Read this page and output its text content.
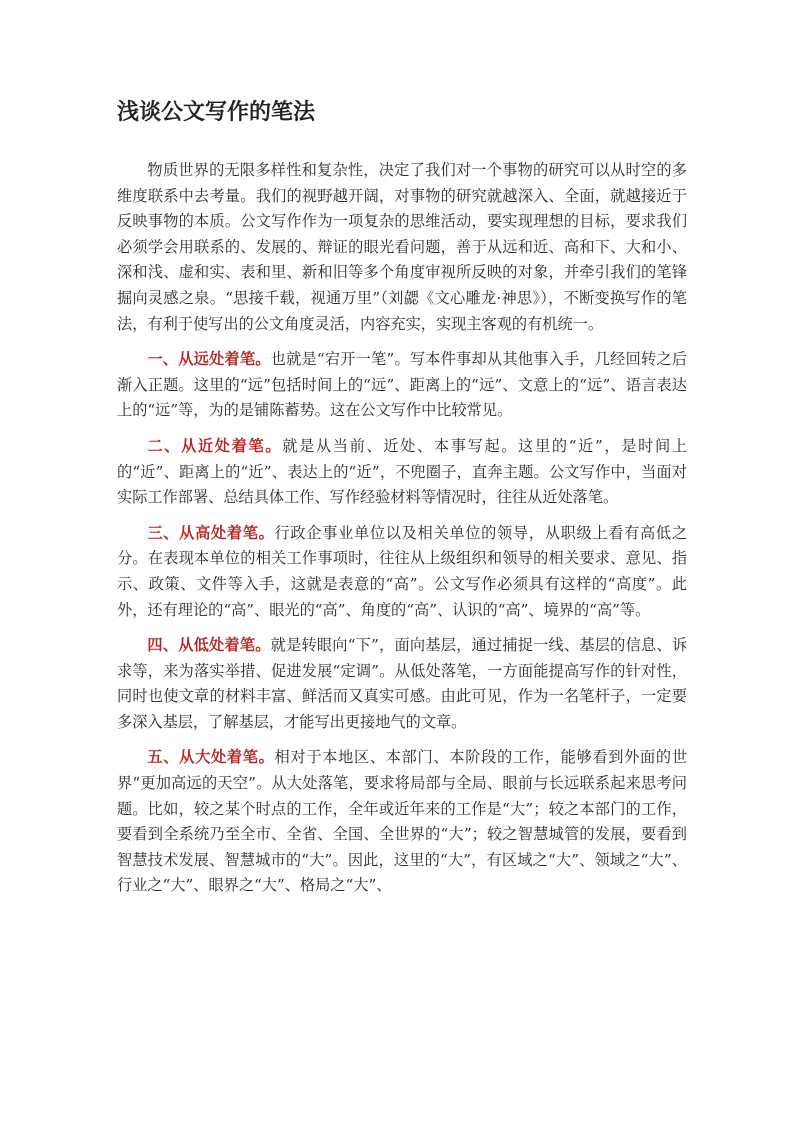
浅谈公文写作的笔法

物质世界的无限多样性和复杂性，决定了我们对一个事物的研究可以从时空的多维度联系中去考量。我们的视野越开阔，对事物的研究就越深入、全面，就越接近于反映事物的本质。公文写作作为一项复杂的思维活动，要实现理想的目标，要求我们必须学会用联系的、发展的、辩证的眼光看问题，善于从远和近、高和下、大和小、深和浅、虚和实、表和里、新和旧等多个角度审视所反映的对象，并牵引我们的笔锋掘向灵感之泉。“思接千载，视通万里”（刘勰《文心雕龙·神思》），不断变换写作的笔法，有利于使写出的公文角度灵活，内容充实，实现主客观的有机统一。

一、从远处着笔。也就是“宕开一笔”。写本件事却从其他事入手，几经回转之后渐入正题。这里的“远”包括时间上的“远”、距离上的“远”、文意上的“远”、语言表达上的“远”等，为的是铺陈蓄势。这在公文写作中比较常见。

二、从近处着笔。就是从当前、近处、本事写起。这里的“近”，是时间上的“近”、距离上的“近”、表达上的“近”，不兜圈子，直奔主题。公文写作中，当面对实际工作部署、总结具体工作、写作经验材料等情况时，往往从近处落笔。

三、从高处着笔。行政企事业单位以及相关单位的领导，从职级上看有高低之分。在表现本单位的相关工作事项时，往往从上级组织和领导的相关要求、意见、指示、政策、文件等入手，这就是表意的“高”。公文写作必须具有这样的“高度”。此外，还有理论的“高”、眼光的“高”、角度的“高”、认识的“高”、境界的“高”等。

四、从低处着笔。就是转眼向“下”，面向基层，通过捕捉一线、基层的信息、诉求等，来为落实举措、促进发展“定调”。从低处落笔，一方面能提高写作的针对性，同时也使文章的材料丰富、鲜活而又真实可感。由此可见，作为一名笔杆子，一定要多深入基层，了解基层，才能写出更接地气的文章。

五、从大处着笔。相对于本地区、本部门、本阶段的工作，能够看到外面的世界“更加高远的天空”。从大处落笔，要求将局部与全局、眼前与长远联系起来思考问题。比如，较之某个时点的工作，全年或近年来的工作是“大”；较之本部门的工作，要看到全系统乃至全市、全省、全国、全世界的“大”；较之智慧城管的发展，要看到智慧技术发展、智慧城市的“大”。因此，这里的“大”，有区域之“大”、领域之“大”、行业之“大”、眼界之“大”、格局之“大”、
